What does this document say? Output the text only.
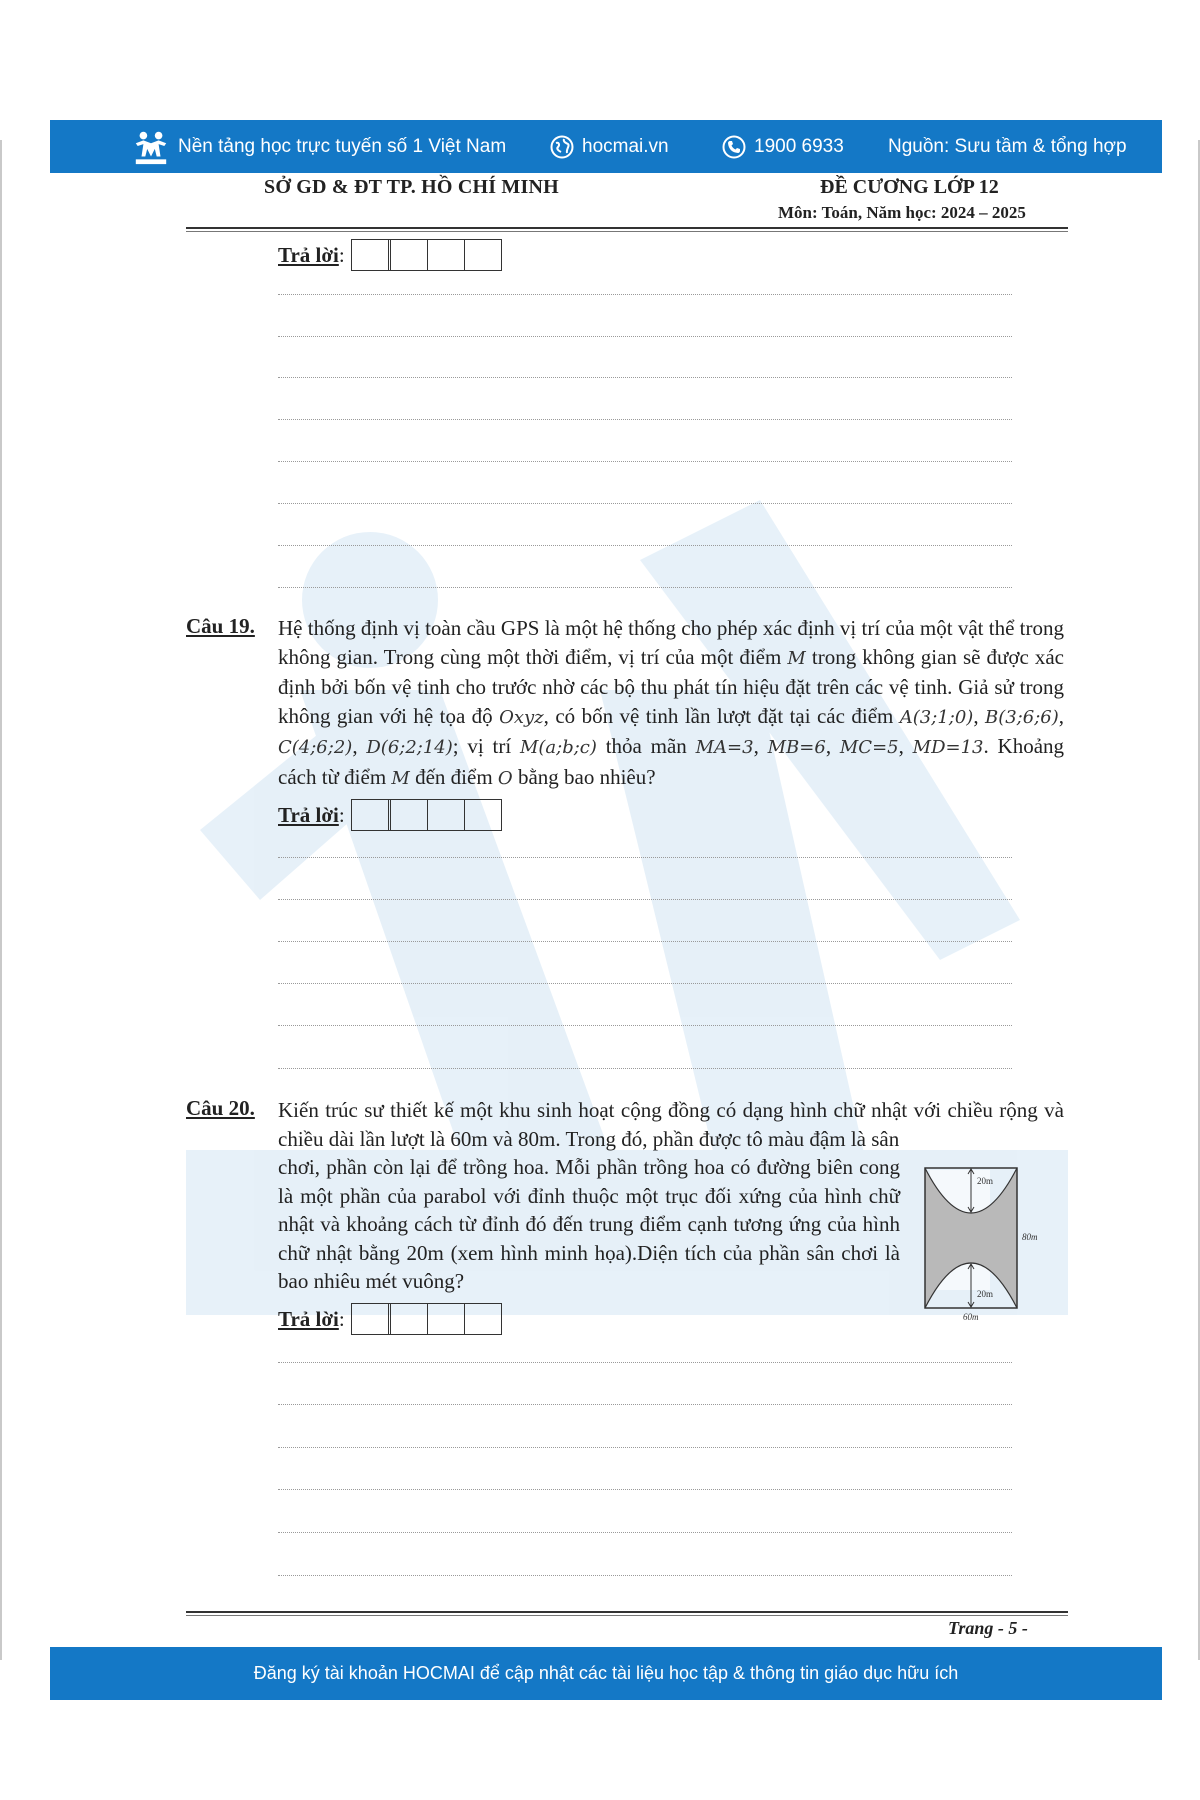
Nền tảng học trực tuyến số 1 Việt Nam	hocmai.vn	1900 6933 Nguồn: Sưu tầm & tổng hợp
SỞ GD & ĐT TP. HỒ CHÍ MINH	ĐỀ CƯƠNG LỚP 12
Môn: Toán, Năm học: 2024 – 2025
Trả lời :
Câu 19. Hệ thống định vị toàn cầu GPS là một hệ thống cho phép xác định vị trí của một vật thể trong không gian. Trong cùng một thời điểm, vị trí của một điểm M trong không gian sẽ được xác định bởi bốn vệ tinh cho trước nhờ các bộ thu phát tín hiệu đặt trên các vệ tinh. Giả sử trong không gian với hệ tọa độ Oxyz, có bốn vệ tinh lần lượt đặt tại các điểm A(3;1;0), B(3;6;6), C(4;6;2), D(6;2;14); vị trí M(a;b;c) thỏa mãn MA=3, MB=6, MC=5, MD=13. Khoảng cách từ điểm M đến điểm O bằng bao nhiêu?
Trả lời :
Câu 20. Kiến trúc sư thiết kế một khu sinh hoạt cộng đồng có dạng hình chữ nhật với chiều rộng và chiều dài lần lượt là 60m và 80m. Trong đó, phần được tô màu đậm là sân
chơi, phần còn lại để trồng hoa. Mỗi phần trồng hoa có đường biên cong là một phần của parabol với đỉnh thuộc một trục đối xứng của hình chữ nhật và khoảng cách từ đỉnh đó đến trung điểm cạnh tương ứng của hình chữ nhật bằng 20m (xem hình minh họa).Diện tích của phần sân chơi là bao nhiêu mét vuông?
20m
20m
80m
60m
Trả lời :
Trang - 5 -
Đăng ký tài khoản HOCMAI để cập nhật các tài liệu học tập & thông tin giáo dục hữu ích
